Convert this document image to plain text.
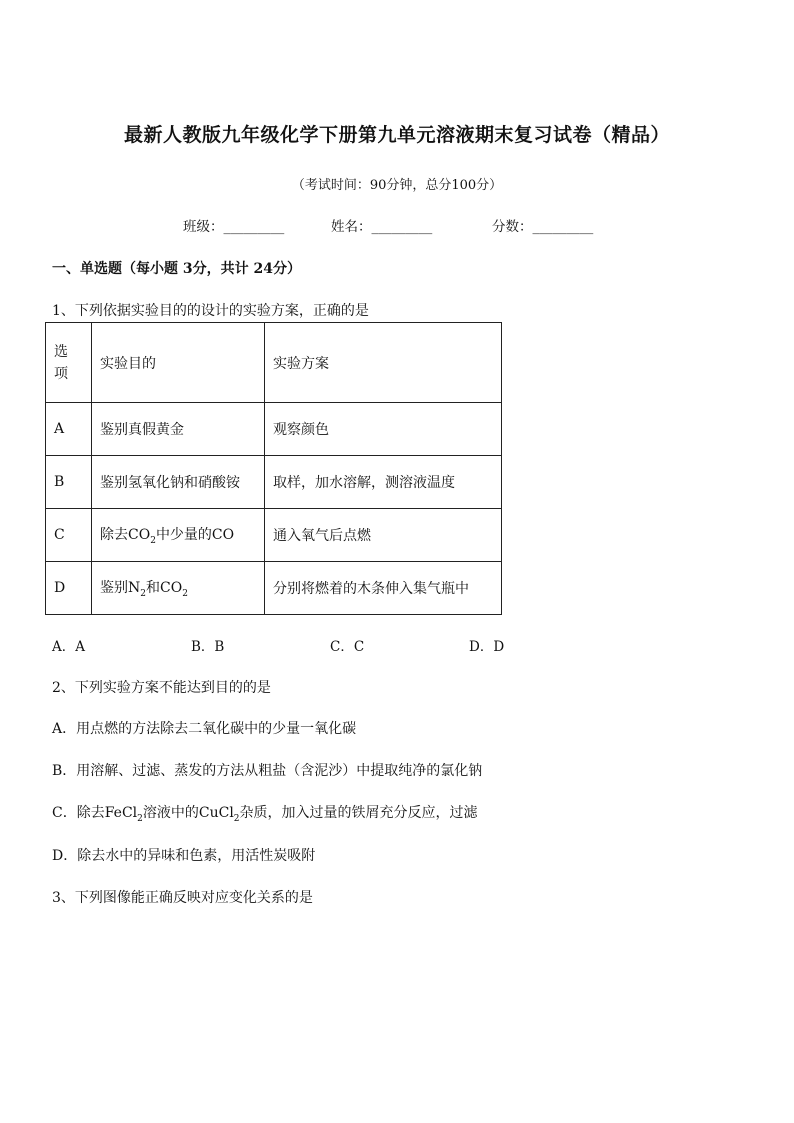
最新人教版九年级化学下册第九单元溶液期末复习试卷（精品）
（考试时间：90分钟，总分100分）
班级：_________	姓名：_________	分数：_________
一、单选题（每小题 3分，共计 24分）
1、下列依据实验目的的设计的实验方案，正确的是
选
项	实验目的	实验方案
A	鉴别真假黄金	观察颜色
B	鉴别氢氧化钠和硝酸铵	取样，加水溶解，测溶液温度
C	除去$CO_2$中少量的CO	通入氧气后点燃
D	鉴别$N_2$和$CO_2$	分别将燃着的木条伸入集气瓶中
A．A	B．B	C．C	D．D
2、下列实验方案不能达到目的的是
A．用点燃的方法除去二氧化碳中的少量一氧化碳
B．用溶解、过滤、蒸发的方法从粗盐（含泥沙）中提取纯净的氯化钠
C．除去FeCl$_2$溶液中的CuCl$_2$杂质，加入过量的铁屑充分反应，过滤
D．除去水中的异味和色素，用活性炭吸附
3、下列图像能正确反映对应变化关系的是
